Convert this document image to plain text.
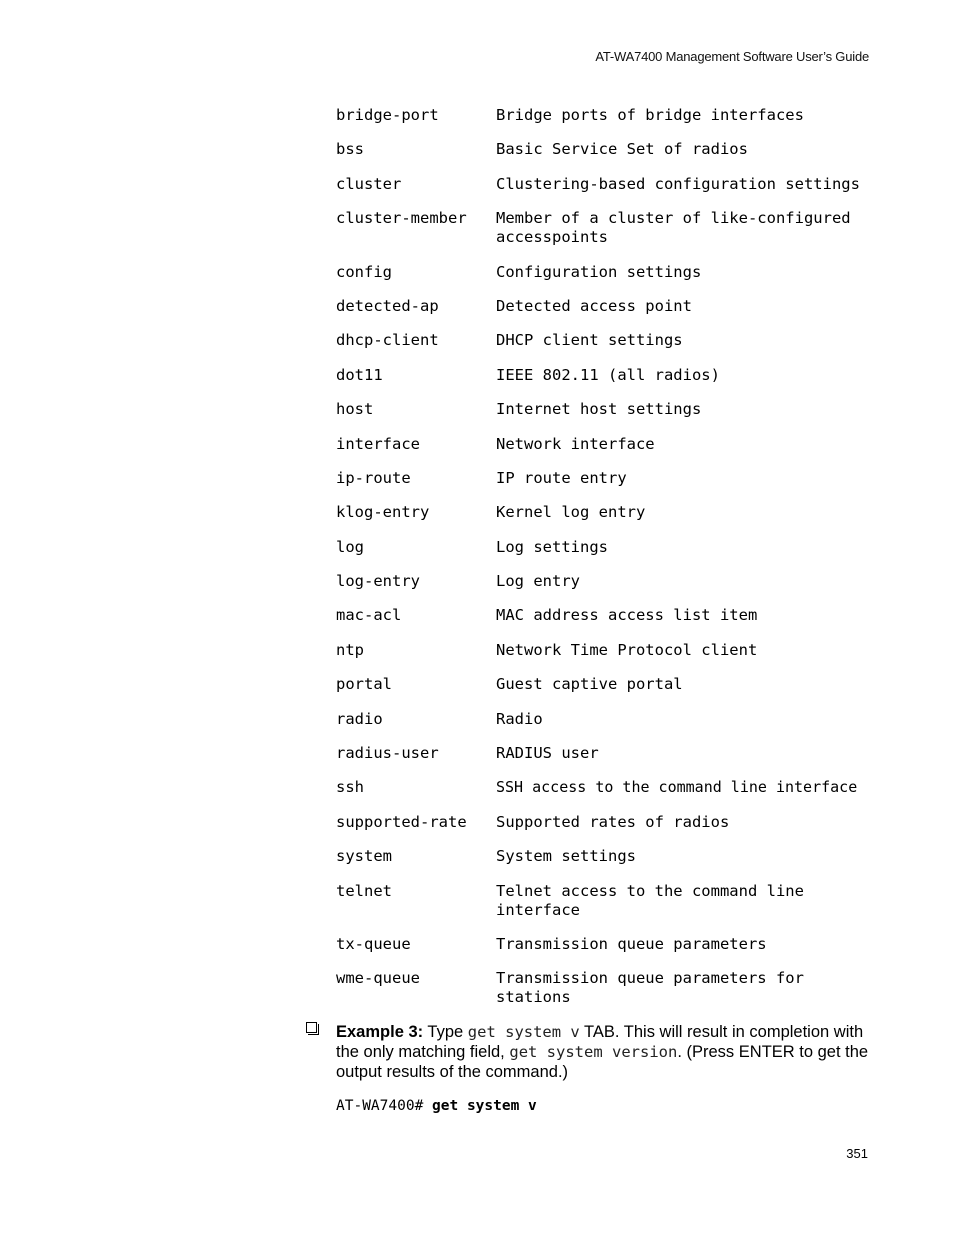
AT-WA7400 Management Software User’s Guide
bridge-port	Bridge ports of bridge interfaces
bss	Basic Service Set of radios
cluster	Clustering-based configuration settings
cluster-member	Member of a cluster of like-configured accesspoints
config	Configuration settings
detected-ap	Detected access point
dhcp-client	DHCP client settings
dot11	IEEE 802.11 (all radios)
host	Internet host settings
interface	Network interface
ip-route	IP route entry
klog-entry	Kernel log entry
log	Log settings
log-entry	Log entry
mac-acl	MAC address access list item
ntp	Network Time Protocol client
portal	Guest captive portal
radio	Radio
radius-user	RADIUS user
ssh	SSH access to the command line interface
supported-rate	Supported rates of radios
system	System settings
telnet	Telnet access to the command line interface
tx-queue	Transmission queue parameters
wme-queue	Transmission queue parameters for stations
Example 3: Type get system v TAB. This will result in completion with the only matching field, get system version. (Press ENTER to get the output results of the command.)
AT-WA7400# get system v
351
